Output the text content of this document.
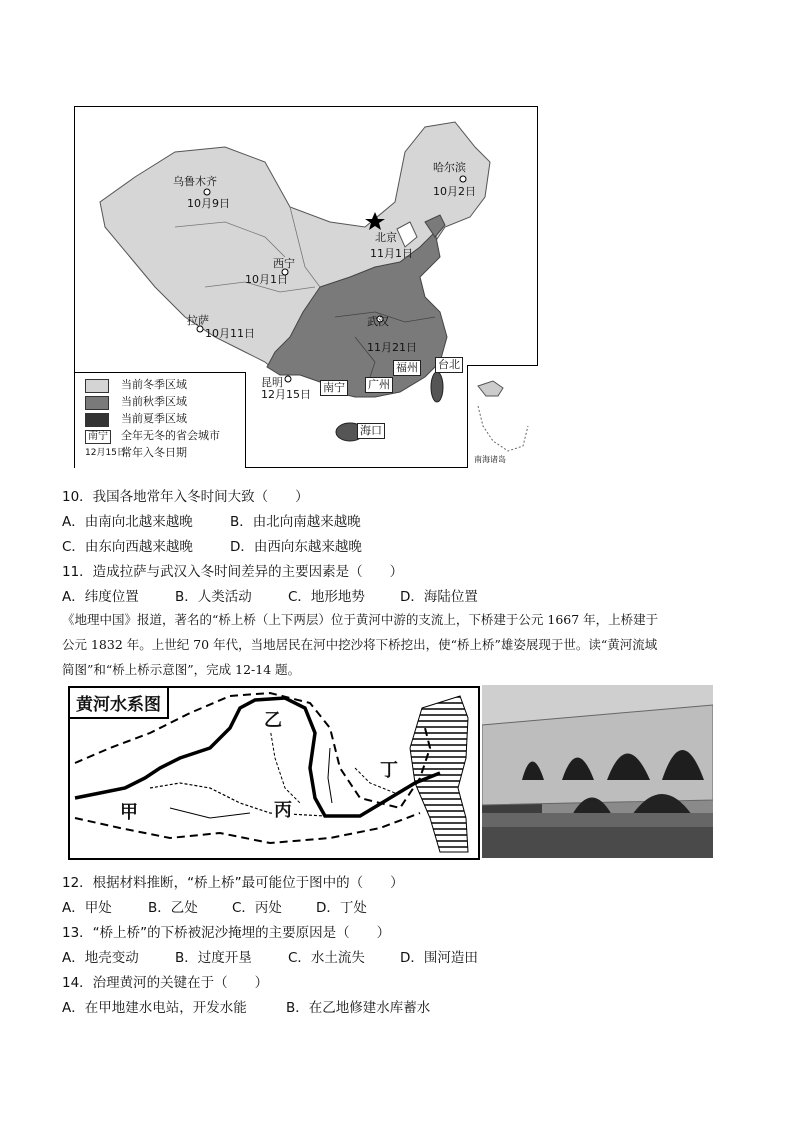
乌鲁木齐
10月9日
哈尔滨
10月2日
北京
11月1日
西宁
10月1日
拉萨
10月11日
武汉
11月21日
昆明
12月15日
南宁 广州
福州 台北
海口
当前冬季区域
当前秋季区域
当前夏季区域
南宁 全年无冬的省会城市
12月15日
常年入冬日期
南海诸岛
10．我国各地常年入冬时间大致（　　）
A．由南向北越来越晚	B．由北向南越来越晚
C．由东向西越来越晚	D．由西向东越来越晚
11．造成拉萨与武汉入冬时间差异的主要因素是（　　）
A．纬度位置	B．人类活动	C．地形地势	D．海陆位置
《地理中国》报道，著名的“桥上桥（上下两层）位于黄河中游的支流上，下桥建于公元 1667 年，上桥建于
公元 1832 年。上世纪 70 年代，当地居民在河中挖沙将下桥挖出，使“桥上桥”雄姿展现于世。读“黄河流域
简图”和“桥上桥示意图”，完成 12-14 题。
黄河水系图
甲
乙
丙
丁
12．根据材料推断，“桥上桥”最可能位于图中的（　　）
A．甲处	B．乙处	C．丙处	D．丁处
13．“桥上桥”的下桥被泥沙掩埋的主要原因是（　　）
A．地壳变动	B．过度开垦	C．水土流失	D．围河造田
14．治理黄河的关键在于（　　）
A．在甲地建水电站，开发水能	B．在乙地修建水库蓄水
